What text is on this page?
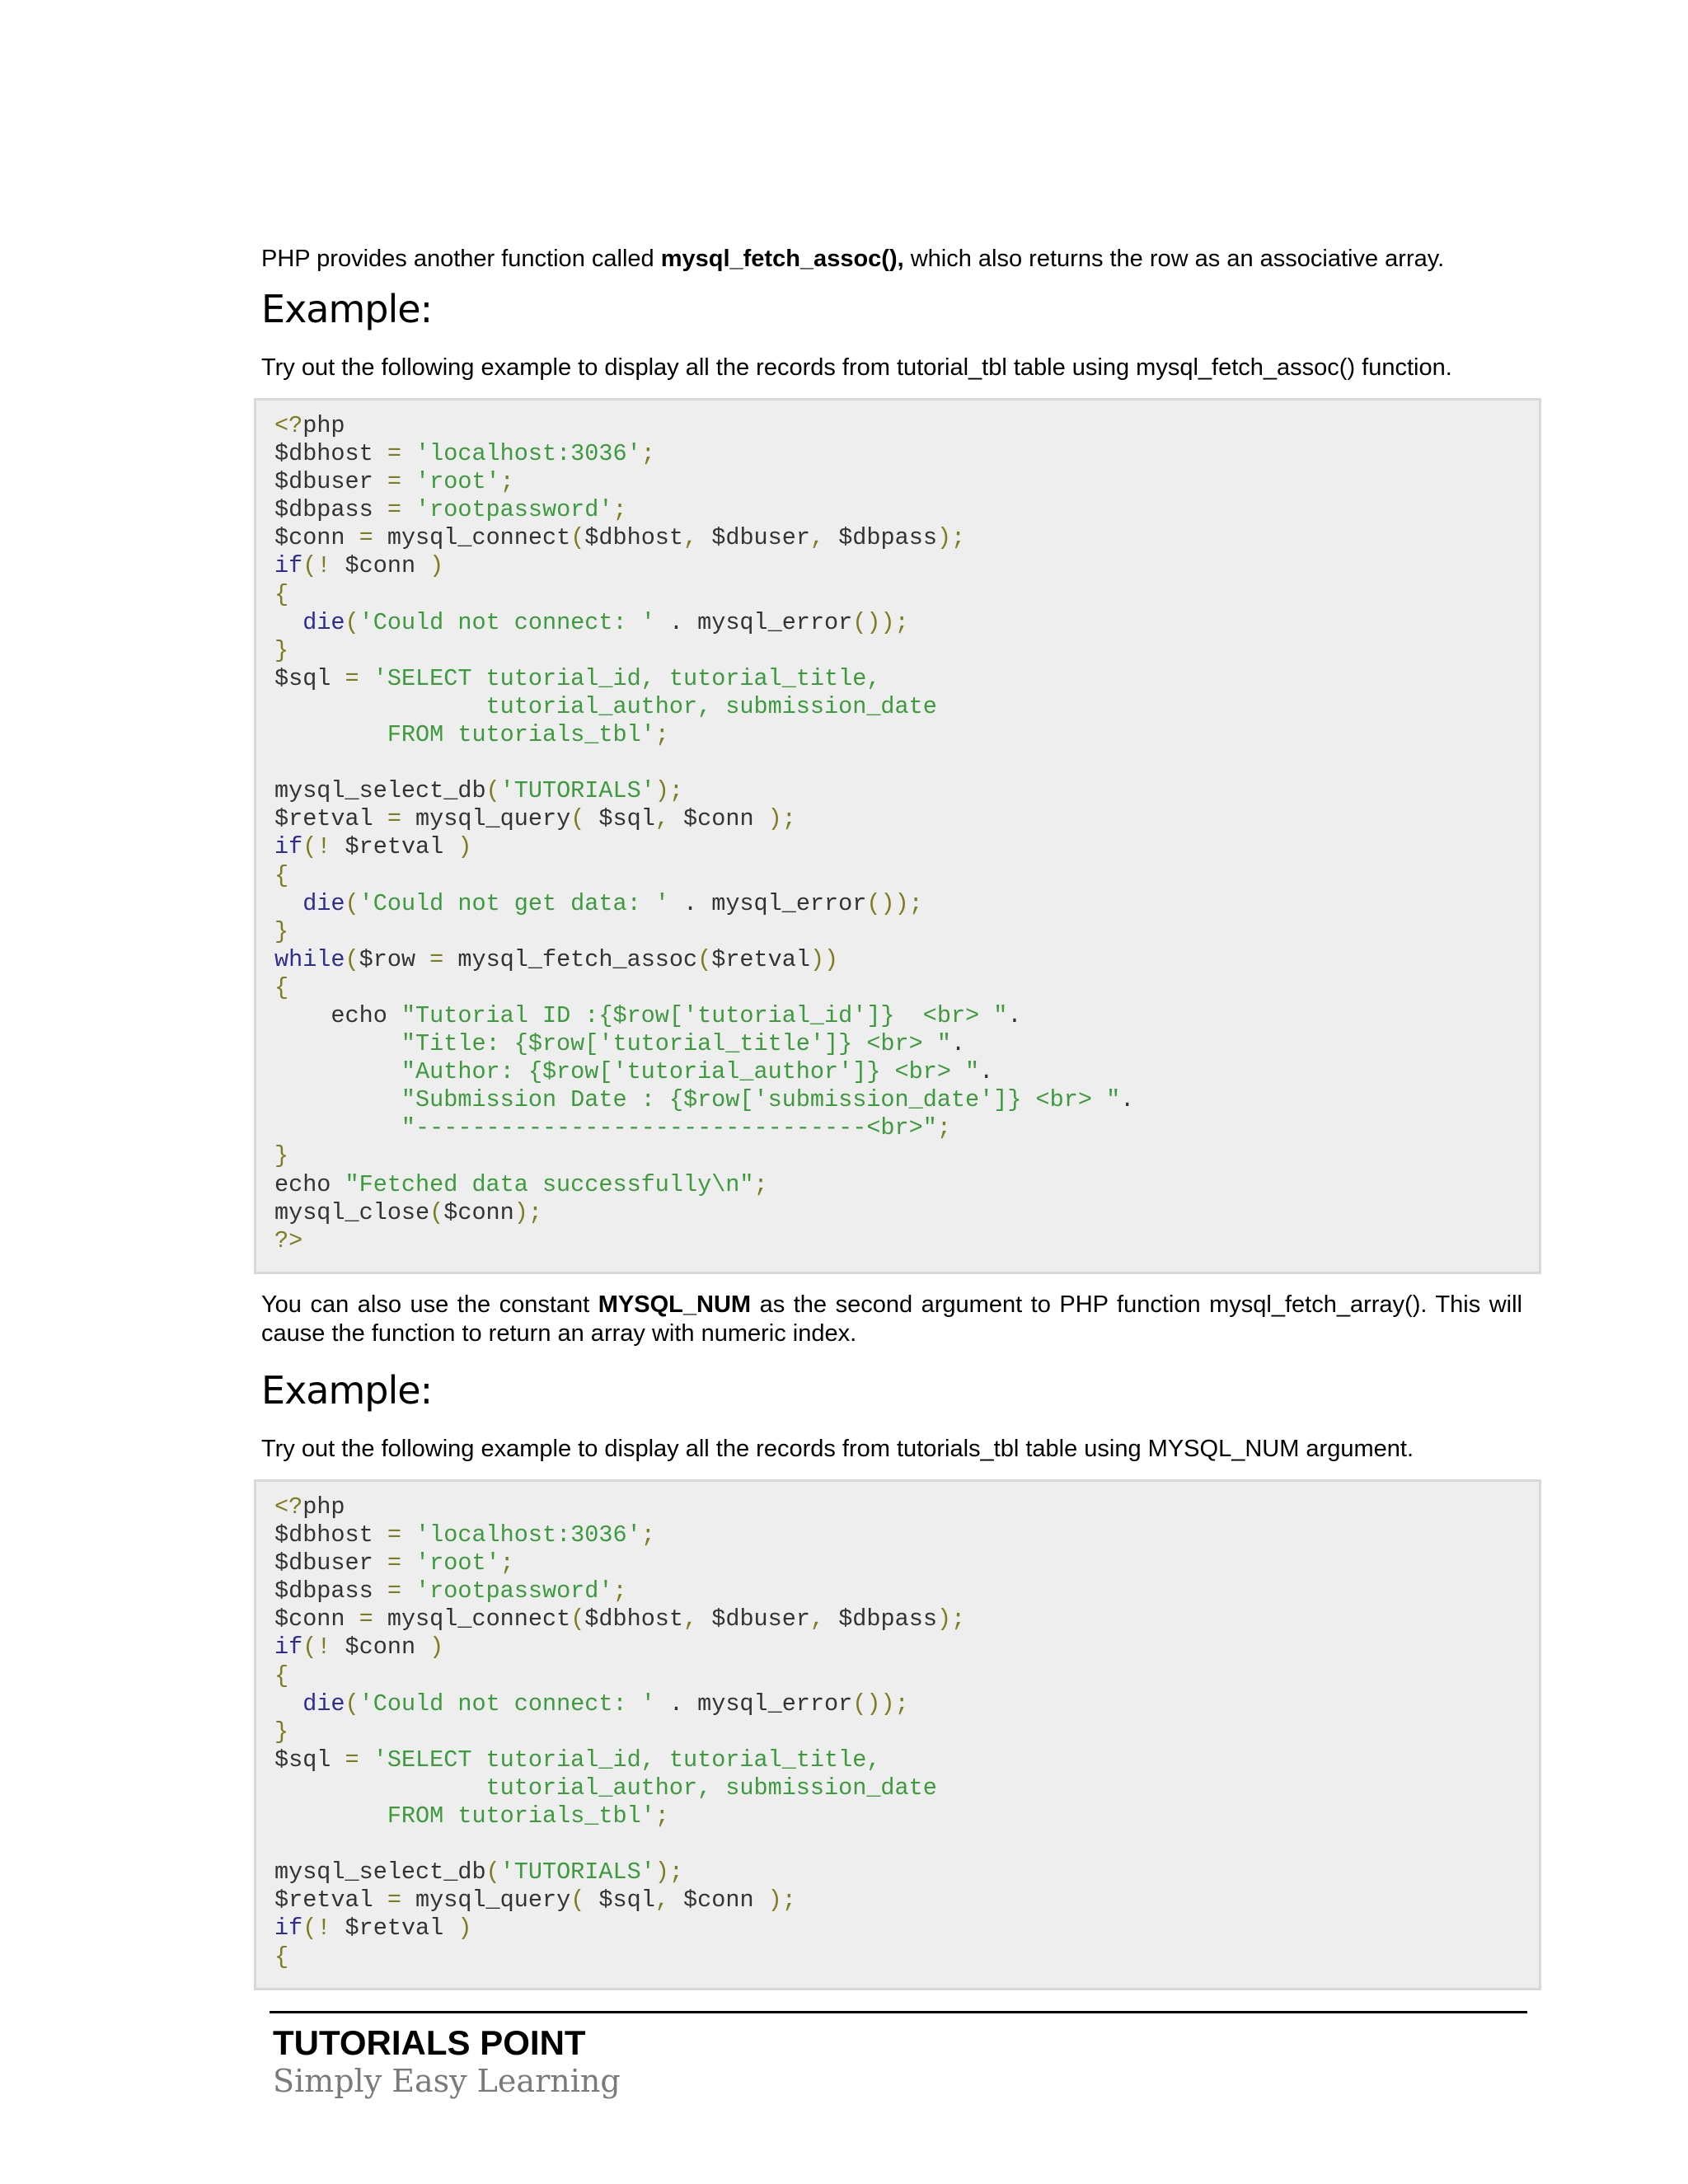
PHP provides another function called mysql_fetch_assoc(), which also returns the row as an associative array.

Example:

Try out the following example to display all the records from tutorial_tbl table using mysql_fetch_assoc() function.

<?php
$dbhost = 'localhost:3036';
$dbuser = 'root';
$dbpass = 'rootpassword';
$conn = mysql_connect($dbhost, $dbuser, $dbpass);
if(! $conn )
{
die('Could not connect: ' . mysql_error());
}
$sql = 'SELECT tutorial_id, tutorial_title,
tutorial_author, submission_date
FROM tutorials_tbl';
mysql_select_db('TUTORIALS');
$retval = mysql_query( $sql, $conn );
if(! $retval )
{
die('Could not get data: ' . mysql_error());
}
while($row = mysql_fetch_assoc($retval))
{
echo "Tutorial ID :{$row['tutorial_id']}  <br> ".
"Title: {$row['tutorial_title']} <br> ".
"Author: {$row['tutorial_author']} <br> ".
"Submission Date : {$row['submission_date']} <br> ".
"--------------------------------<br>";
}
echo "Fetched data successfully\n";
mysql_close($conn);
?>

You can also use the constant MYSQL_NUM as the second argument to PHP function mysql_fetch_array(). This will cause the function to return an array with numeric index.

Example:

Try out the following example to display all the records from tutorials_tbl table using MYSQL_NUM argument.

<?php
$dbhost = 'localhost:3036';
$dbuser = 'root';
$dbpass = 'rootpassword';
$conn = mysql_connect($dbhost, $dbuser, $dbpass);
if(! $conn )
{
die('Could not connect: ' . mysql_error());
}
$sql = 'SELECT tutorial_id, tutorial_title,
tutorial_author, submission_date
FROM tutorials_tbl';
mysql_select_db('TUTORIALS');
$retval = mysql_query( $sql, $conn );
if(! $retval )
{

TUTORIALS POINT

Simply Easy Learning
